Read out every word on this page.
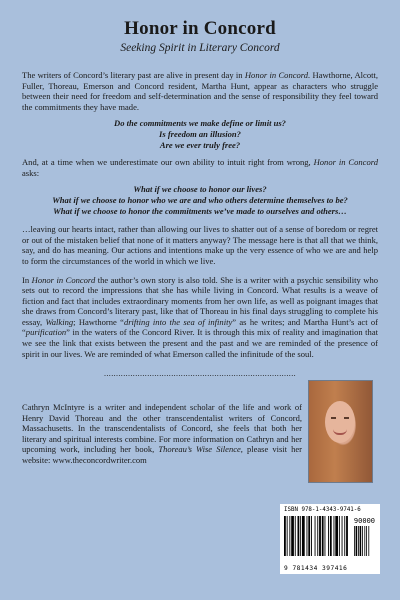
Honor in Concord
Seeking Spirit in Literary Concord

The writers of Concord’s literary past are alive in present day in Honor in Concord. Hawthorne, Alcott, Fuller, Thoreau, Emerson and Concord resident, Martha Hunt, appear as characters who struggle between their need for freedom and self-determination and the sense of responsibility they feel toward the commitments they have made.

Do the commitments we make define or limit us?
Is freedom an illusion?
Are we ever truly free?

And, at a time when we underestimate our own ability to intuit right from wrong, Honor in Concord asks:

What if we choose to honor our lives?
What if we choose to honor who we are and who others determine themselves to be?
What if we choose to honor the commitments we’ve made to ourselves and others…

…leaving our hearts intact, rather than allowing our lives to shatter out of a sense of boredom or regret or out of the mistaken belief that none of it matters anyway? The message here is that all that we think, say, and do has meaning. Our actions and intentions make up the very essence of who we are and help to form the circumstances of the world in which we live.

In Honor in Concord the author’s own story is also told. She is a writer with a psychic sensibility who sets out to record the impressions that she has while living in Concord. What results is a weave of fiction and fact that includes extraordinary moments from her own life, as well as poignant images that she draws from Concord’s literary past, like that of Thoreau in his final days struggling to complete his essay, Walking; Hawthorne “drifting into the sea of infinity” as he writes; and Martha Hunt’s act of “purification” in the waters of the Concord River. It is through this mix of reality and imagination that we see the link that exists between the present and the past and we are reminded of the presence of spirit in our lives. We are reminded of what Emerson called the infinitude of the soul.

................................................................................

Cathryn McIntyre is a writer and independent scholar of the life and work of Henry David Thoreau and the other transcendentalist writers of Concord, Massachusetts. In the transcendentalists of Concord, she feels that both her literary and spiritual interests combine. For more information on Cathryn and her upcoming work, including her book, Thoreau’s Wise Silence, please visit her website: www.theconcordwriter.com

ISBN 978-1-4343-9741-6
90000
9 781434 397416
